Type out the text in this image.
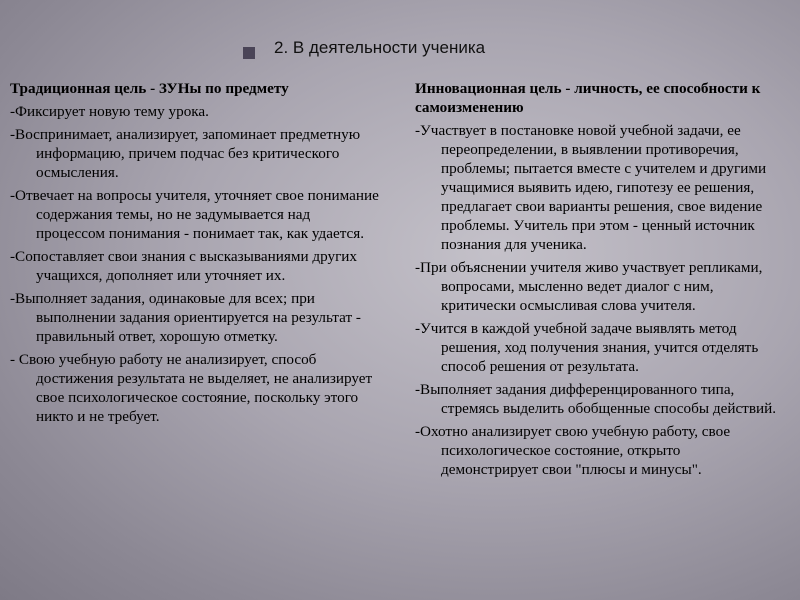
2. В деятельности ученика

Традиционная цель - ЗУНы по предмету

-Фиксирует новую тему урока.

-Воспринимает, анализирует, запоминает предметную информацию, причем подчас без критического осмысления.

-Отвечает на вопросы учителя, уточняет свое понимание содержания темы, но не задумывается над процессом понимания - понимает так, как удается.

-Сопоставляет свои знания с высказываниями других учащихся, дополняет или уточняет их.

-Выполняет задания, одинаковые для всех; при выполнении задания ориентируется на результат - правильный ответ, хорошую отметку.

- Свою учебную работу не анализирует, способ достижения результата не выделяет, не анализирует свое психологическое состояние, поскольку этого никто и не требует.

Инновационная цель - личность, ее способности к самоизменению

-Участвует в постановке новой учебной задачи, ее переопределении, в выявлении противоречия, проблемы; пытается вместе с учителем и другими учащимися выявить идею, гипотезу ее решения, предлагает свои варианты решения, свое видение проблемы. Учитель при этом - ценный источник познания для ученика.

-При объяснении учителя живо участвует репликами, вопросами, мысленно ведет диалог с ним, критически осмысливая слова учителя.

-Учится в каждой учебной задаче выявлять метод решения, ход получения знания, учится отделять способ решения от результата.

-Выполняет задания дифференцированного типа, стремясь выделить обобщенные способы действий.

-Охотно анализирует свою учебную работу, свое психологическое состояние, открыто демонстрирует свои "плюсы и минусы".
